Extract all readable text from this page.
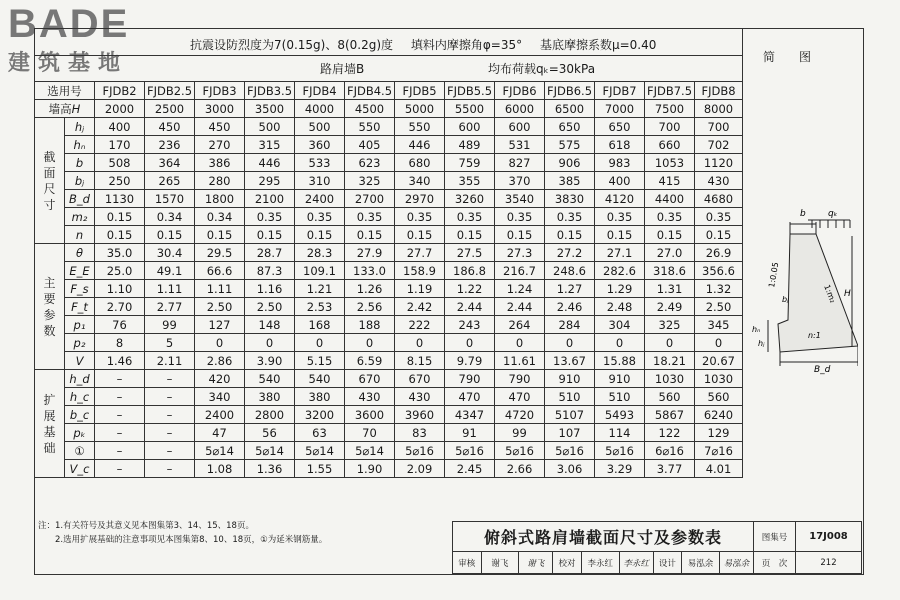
BADE
建筑基地
抗震设防烈度为7(0.15g)、8(0.2g)度 填料内摩擦角φ=35° 基底摩擦系数μ=0.40
路肩墙B	均布荷载qₖ=30kPa
简　　图
选用号		FJDB2	FJDB2.5	FJDB3	FJDB3.5	FJDB4	FJDB4.5	FJDB5	FJDB5.5	FJDB6	FJDB6.5	FJDB7	FJDB7.5	FJDB8
墙高H		2000	2500	3000	3500	4000	4500	5000	5500	6000	6500	7000	7500	8000
截
面
尺
寸	hⱼ	400	450	450	500	500	550	550	600	600	650	650	700	700
	hₙ	170	236	270	315	360	405	446	489	531	575	618	660	702
	b	508	364	386	446	533	623	680	759	827	906	983	1053	1120
	bⱼ	250	265	280	295	310	325	340	355	370	385	400	415	430
	B_d	1130	1570	1800	2100	2400	2700	2970	3260	3540	3830	4120	4400	4680
	m₂	0.15	0.34	0.34	0.35	0.35	0.35	0.35	0.35	0.35	0.35	0.35	0.35	0.35
	n	0.15	0.15	0.15	0.15	0.15	0.15	0.15	0.15	0.15	0.15	0.15	0.15	0.15
主
要
参
数	θ	35.0	30.4	29.5	28.7	28.3	27.9	27.7	27.5	27.3	27.2	27.1	27.0	26.9
	E_E	25.0	49.1	66.6	87.3	109.1	133.0	158.9	186.8	216.7	248.6	282.6	318.6	356.6
	F_s	1.10	1.11	1.11	1.16	1.21	1.26	1.19	1.22	1.24	1.27	1.29	1.31	1.32
	F_t	2.70	2.77	2.50	2.50	2.53	2.56	2.42	2.44	2.44	2.46	2.48	2.49	2.50
	p₁	76	99	127	148	168	188	222	243	264	284	304	325	345
	p₂	8	5	0	0	0	0	0	0	0	0	0	0	0
	V	1.46	2.11	2.86	3.90	5.15	6.59	8.15	9.79	11.61	13.67	15.88	18.21	20.67
扩
展
基
础	h_d	–	–	420	540	540	670	670	790	790	910	910	1030	1030
	h_c	–	–	340	380	380	430	430	470	470	510	510	560	560
	b_c	–	–	2400	2800	3200	3600	3960	4347	4720	5107	5493	5867	6240
	pₖ	–	–	47	56	63	70	83	91	99	107	114	122	129
	①	–	–	5⌀14	5⌀14	5⌀14	5⌀14	5⌀16	5⌀16	5⌀16	5⌀16	5⌀16	6⌀16	7⌀16
	V_c	–	–	1.08	1.36	1.55	1.90	2.09	2.45	2.66	3.06	3.29	3.77	4.01
b qₖ
1:0.05
1:m₂ H
bⱼ
n:1
hₙ
hⱼ
B_d
注：1.有关符号及其意义见本图集第3、14、15、18页。
　　2.选用扩展基础的注意事项见本图集第8、10、18页，①为延米钢筋量。	俯斜式路肩墙截面尺寸及参数表									图集号	17J008
审核	谢飞	谢飞	校对	李永红	李永红	设计	易泓余	易泓余	页　次	212
